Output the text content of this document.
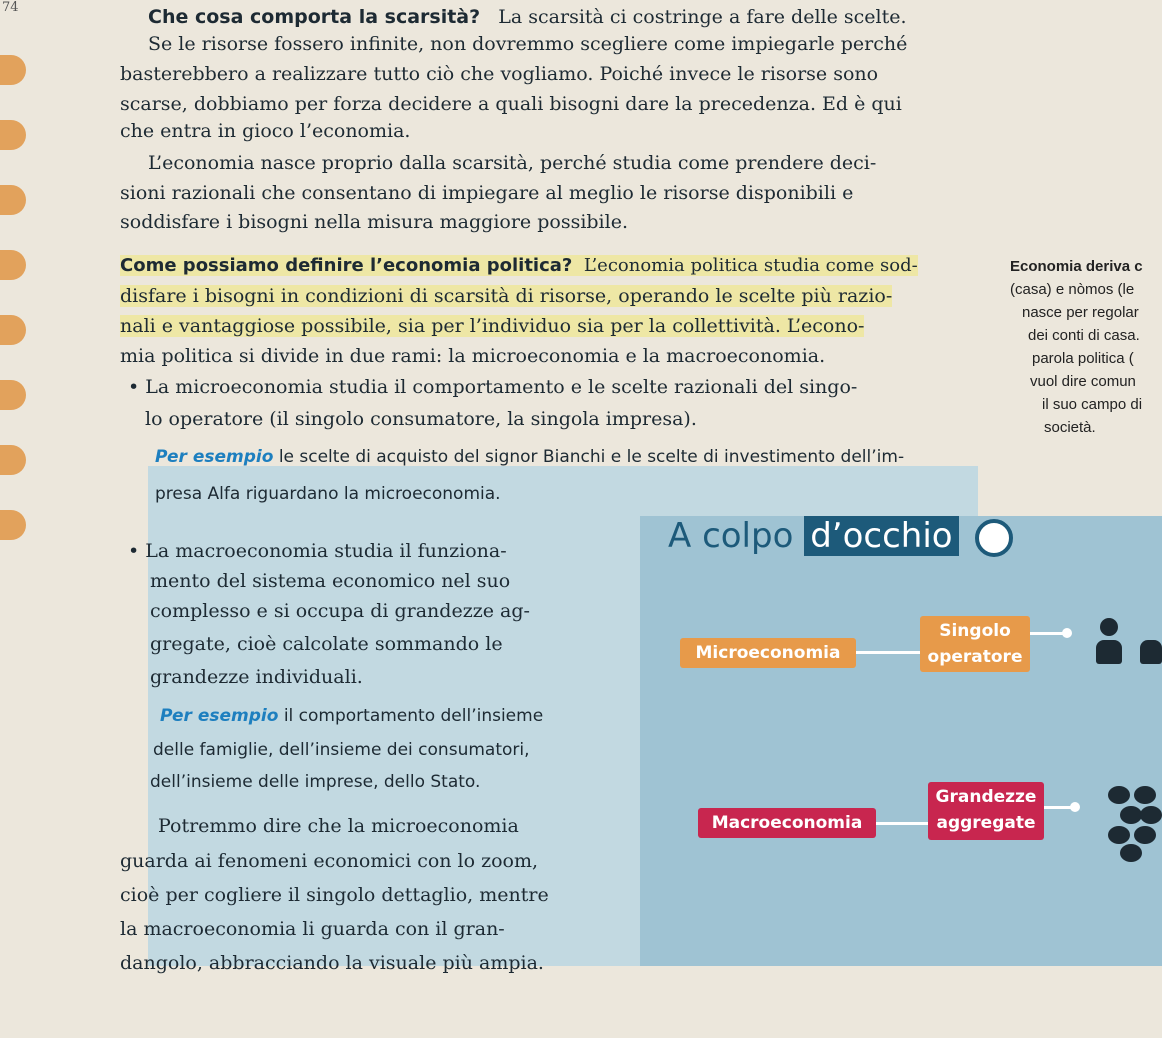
74	Che cosa comporta la scarsità? La scarsità ci costringe a fare delle scelte.
Se le risorse fossero infinite, non dovremmo scegliere come impiegarle perché
basterebbero a realizzare tutto ciò che vogliamo. Poiché invece le risorse sono
scarse, dobbiamo per forza decidere a quali bisogni dare la precedenza. Ed è qui
che entra in gioco l’economia.
L’economia nasce proprio dalla scarsità, perché studia come prendere deci-
sioni razionali che consentano di impiegare al meglio le risorse disponibili e
soddisfare i bisogni nella misura maggiore possibile.
Come possiamo definire l’economia politica? L’economia politica studia come sod-
disfare i bisogni in condizioni di scarsità di risorse, operando le scelte più razio-
nali e vantaggiose possibile, sia per l’individuo sia per la collettività. L’econo-
mia politica si divide in due rami: la microeconomia e la macroeconomia.
• La microeconomia studia il comportamento e le scelte razionali del singo-
lo operatore (il singolo consumatore, la singola impresa).
Economia deriva c
(casa) e nòmos (le
nasce per regolar
dei conti di casa.
parola politica (
vuol dire comun
il suo campo di
società.
Per esempio le scelte di acquisto del signor Bianchi e le scelte di investimento dell’im-
presa Alfa riguardano la microeconomia.
• La macroeconomia studia il funziona-
mento del sistema economico nel suo
complesso e si occupa di grandezze ag-
gregate, cioè calcolate sommando le
grandezze individuali.
Per esempio il comportamento dell’insieme
delle famiglie, dell’insieme dei consumatori,
dell’insieme delle imprese, dello Stato.
Potremmo dire che la microeconomia
guarda ai fenomeni economici con lo zoom,
cioè per cogliere il singolo dettaglio, mentre
la macroeconomia li guarda con il gran-
dangolo, abbracciando la visuale più ampia.
A colpo d’occhio
Microeconomia
Singolo
operatore
Macroeconomia
Grandezze
aggregate
